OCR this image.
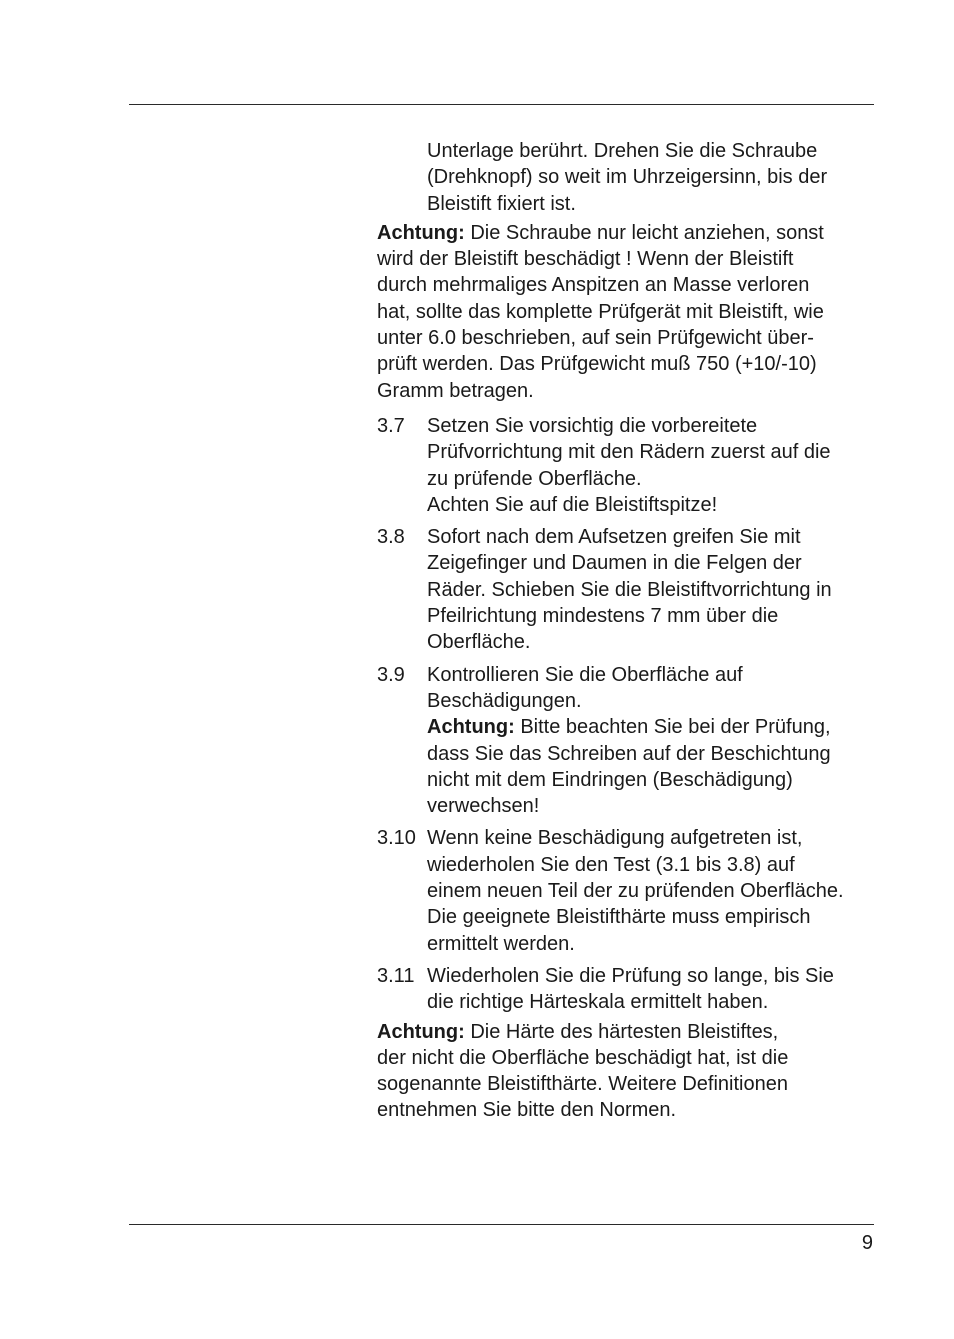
Unterlage berührt. Drehen Sie die Schraube
(Drehknopf) so weit im Uhrzeigersinn, bis der
Bleistift fixiert ist.
Achtung: Die Schraube nur leicht anziehen, sonst
wird der Bleistift beschädigt ! Wenn der Bleistift
durch mehrmaliges Anspitzen an Masse verloren
hat, sollte das komplette Prüfgerät mit Bleistift, wie
unter 6.0 beschrieben, auf sein Prüfgewicht über-
prüft werden. Das Prüfgewicht muß 750 (+10/-10)
Gramm betragen.
3.7	Setzen Sie vorsichtig die vorbereitete
Prüfvorrichtung mit den Rädern zuerst auf die
zu prüfende Oberfläche.
Achten Sie auf die Bleistiftspitze!
3.8	Sofort nach dem Aufsetzen greifen Sie mit
Zeigefinger und Daumen in die Felgen der
Räder. Schieben Sie die Bleistiftvorrichtung in
Pfeilrichtung mindestens 7 mm über die
Oberfläche.
3.9	Kontrollieren Sie die Oberfläche auf
Beschädigungen.
Achtung: Bitte beachten Sie bei der Prüfung,
dass Sie das Schreiben auf der Beschichtung
nicht mit dem Eindringen (Beschädigung)
verwechsen!
3.10 Wenn keine Beschädigung aufgetreten ist,
wiederholen Sie den Test (3.1 bis 3.8) auf
einem neuen Teil der zu prüfenden Oberfläche.
Die geeignete Bleistifthärte muss empirisch
ermittelt werden.
3.11 Wiederholen Sie die Prüfung so lange, bis Sie
die richtige Härteskala ermittelt haben.
Achtung: Die Härte des härtesten Bleistiftes,
der nicht die Oberfläche beschädigt hat, ist die
sogenannte Bleistifthärte. Weitere Definitionen
entnehmen Sie bitte den Normen.
9
